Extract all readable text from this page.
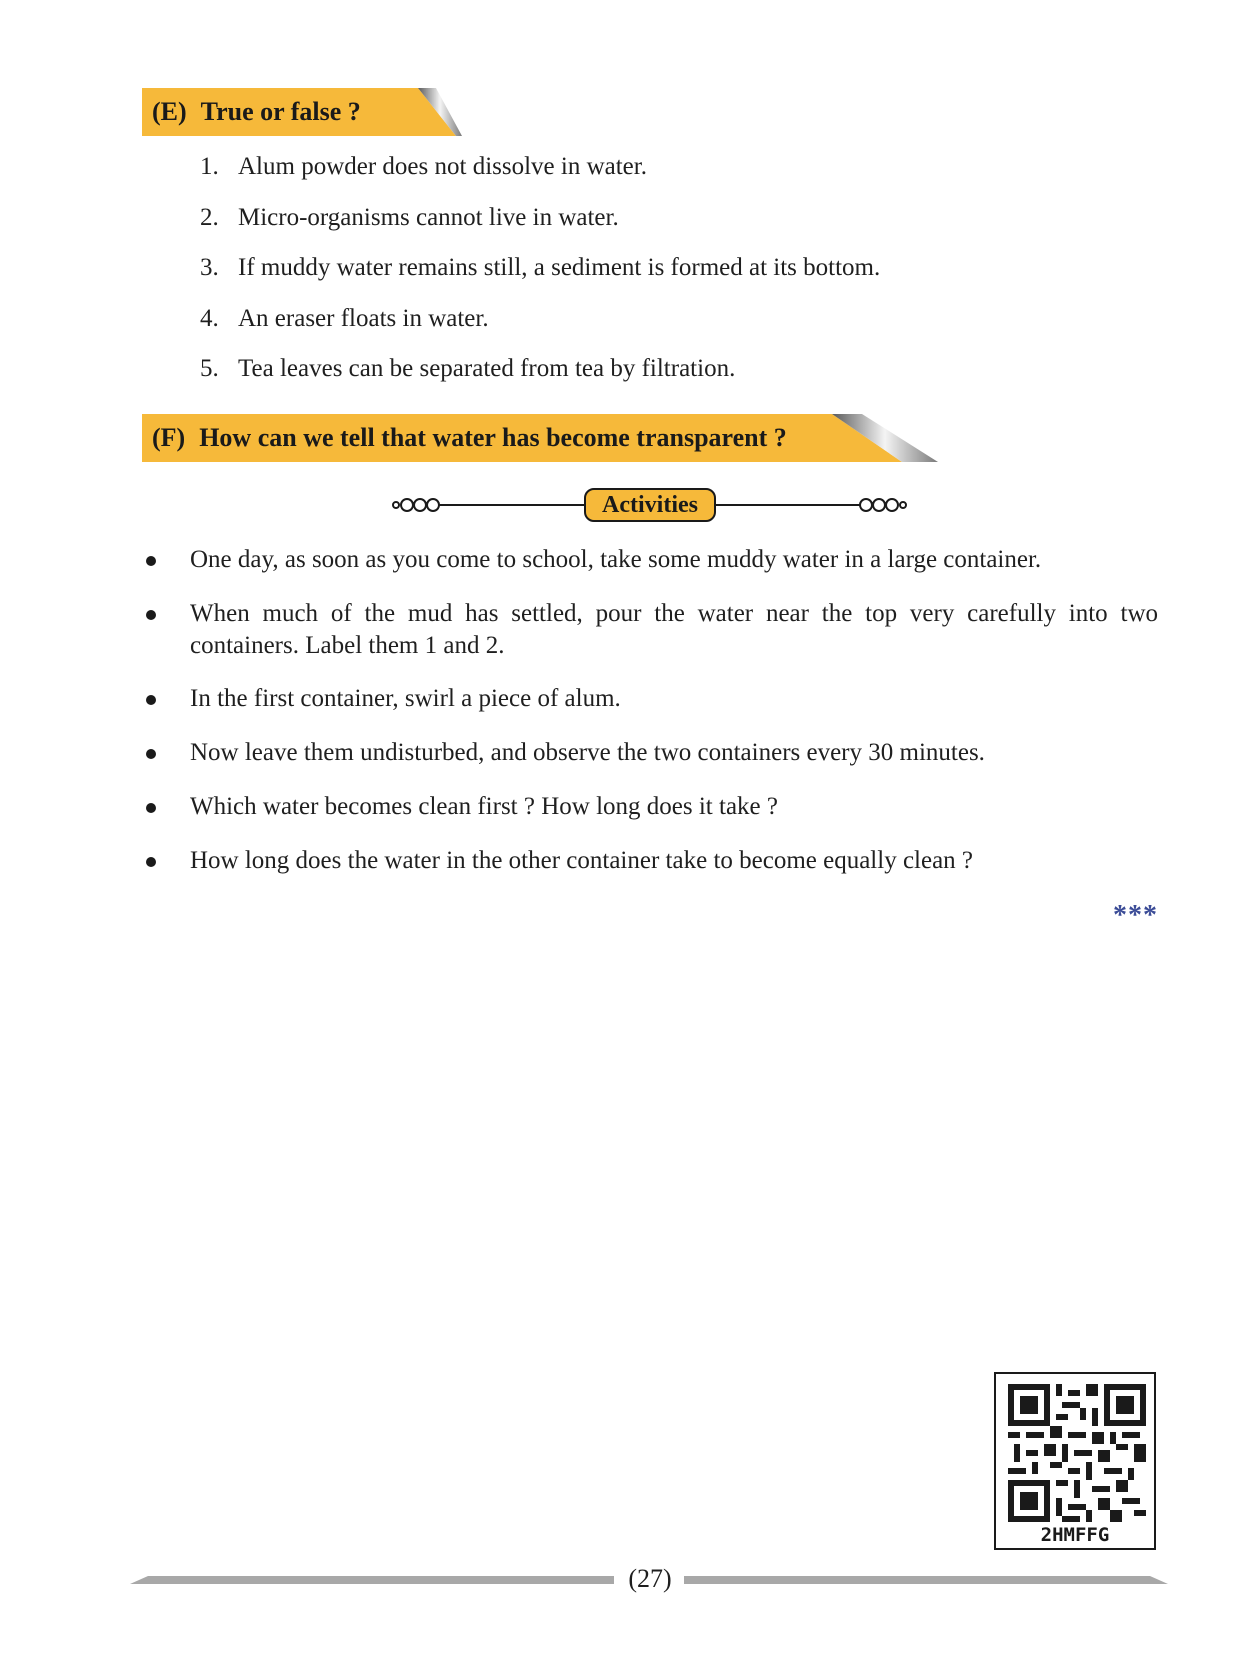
(E) True or false ?
1. Alum powder does not dissolve in water.
2. Micro-organisms cannot live in water.
3. If muddy water remains still, a sediment is formed at its bottom.
4. An eraser floats in water.
5. Tea leaves can be separated from tea by filtration.
(F) How can we tell that water has become transparent ?
Activities
One day, as soon as you come to school, take some muddy water in a large container.
When much of the mud has settled, pour the water near the top very carefully into two containers. Label them 1 and 2.
In the first container, swirl a piece of alum.
Now leave them undisturbed, and observe the two containers every 30 minutes.
Which water becomes clean first ? How long does it take ?
How long does the water in the other container take to become equally clean ?
***
2HMFFG
(27)
